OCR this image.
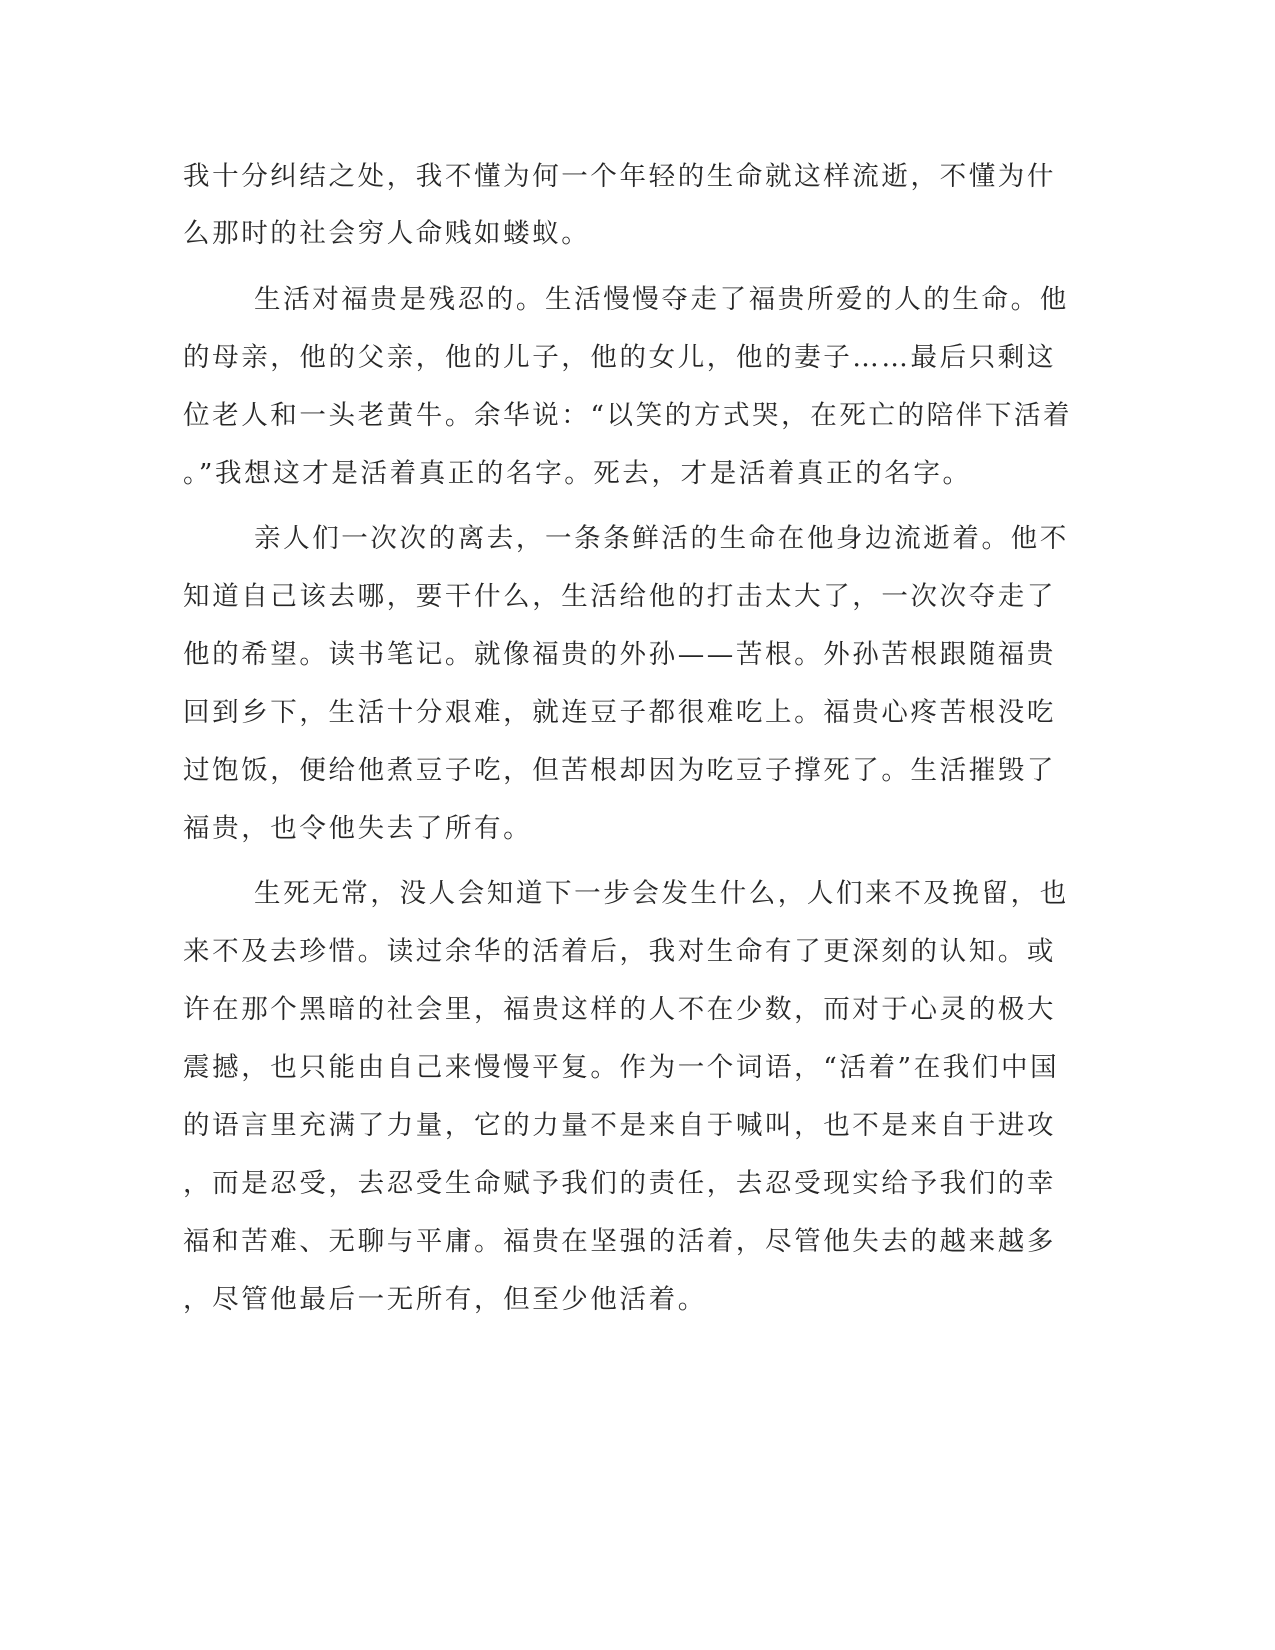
我十分纠结之处，我不懂为何一个年轻的生命就这样流逝，不懂为什
么那时的社会穷人命贱如蝼蚁。
生活对福贵是残忍的。生活慢慢夺走了福贵所爱的人的生命。他
的母亲，他的父亲，他的儿子，他的女儿，他的妻子……最后只剩这
位老人和一头老黄牛。余华说：“以笑的方式哭，在死亡的陪伴下活着
。”我想这才是活着真正的名字。死去，才是活着真正的名字。
亲人们一次次的离去，一条条鲜活的生命在他身边流逝着。他不
知道自己该去哪，要干什么，生活给他的打击太大了，一次次夺走了
他的希望。读书笔记。就像福贵的外孙——苦根。外孙苦根跟随福贵
回到乡下，生活十分艰难，就连豆子都很难吃上。福贵心疼苦根没吃
过饱饭，便给他煮豆子吃，但苦根却因为吃豆子撑死了。生活摧毁了
福贵，也令他失去了所有。
生死无常，没人会知道下一步会发生什么，人们来不及挽留，也
来不及去珍惜。读过余华的活着后，我对生命有了更深刻的认知。或
许在那个黑暗的社会里，福贵这样的人不在少数，而对于心灵的极大
震撼，也只能由自己来慢慢平复。作为一个词语，“活着”在我们中国
的语言里充满了力量，它的力量不是来自于喊叫，也不是来自于进攻
，而是忍受，去忍受生命赋予我们的责任，去忍受现实给予我们的幸
福和苦难、无聊与平庸。福贵在坚强的活着，尽管他失去的越来越多
，尽管他最后一无所有，但至少他活着。
